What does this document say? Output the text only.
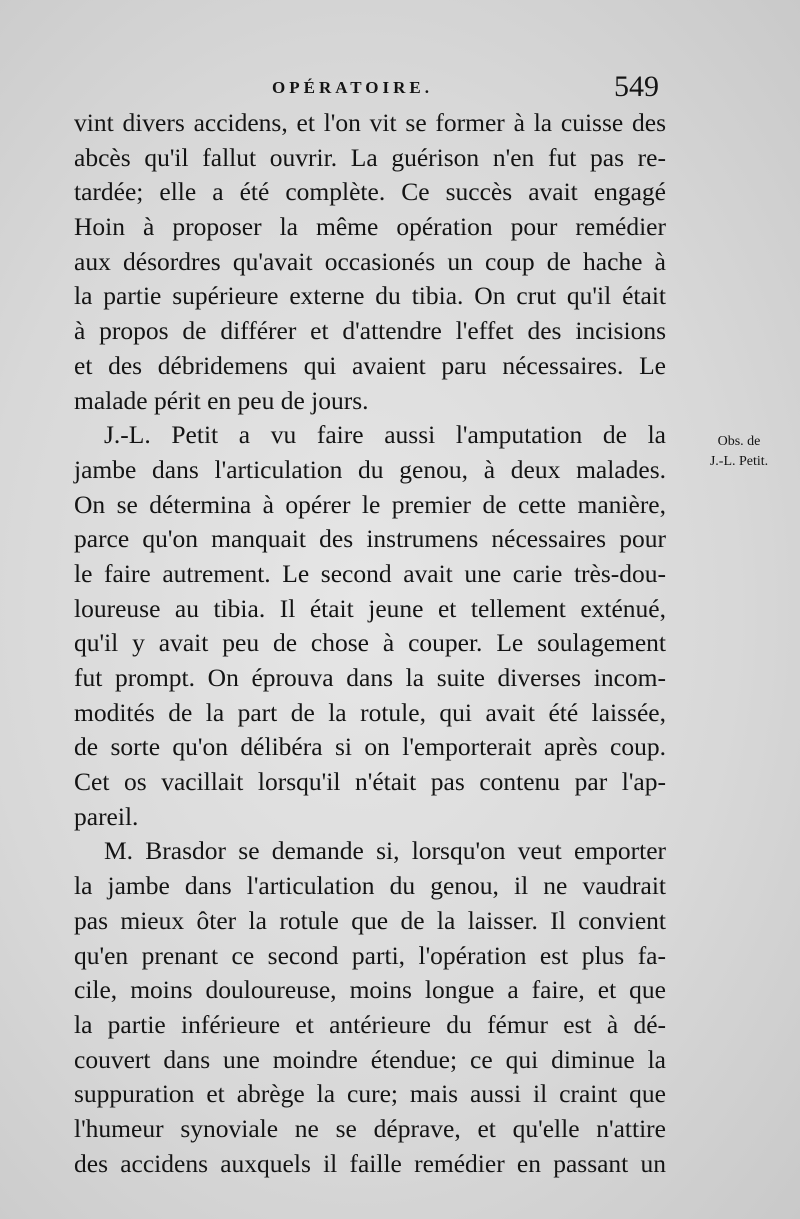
OPÉRATOIRE.	549
vint divers accidens, et l'on vit se former à la cuisse des
abcès qu'il fallut ouvrir. La guérison n'en fut pas re-
tardée; elle a été complète. Ce succès avait engagé
Hoin à proposer la même opération pour remédier
aux désordres qu'avait occasionés un coup de hache à
la partie supérieure externe du tibia. On crut qu'il était
à propos de différer et d'attendre l'effet des incisions
et des débridemens qui avaient paru nécessaires. Le
malade périt en peu de jours.
J.-L. Petit a vu faire aussi l'amputation de la
jambe dans l'articulation du genou, à deux malades.
On se détermina à opérer le premier de cette manière,
parce qu'on manquait des instrumens nécessaires pour
le faire autrement. Le second avait une carie très-dou-
loureuse au tibia. Il était jeune et tellement exténué,
qu'il y avait peu de chose à couper. Le soulagement
fut prompt. On éprouva dans la suite diverses incom-
modités de la part de la rotule, qui avait été laissée,
de sorte qu'on délibéra si on l'emporterait après coup.
Cet os vacillait lorsqu'il n'était pas contenu par l'ap-
pareil.
M. Brasdor se demande si, lorsqu'on veut emporter
la jambe dans l'articulation du genou, il ne vaudrait
pas mieux ôter la rotule que de la laisser. Il convient
qu'en prenant ce second parti, l'opération est plus fa-
cile, moins douloureuse, moins longue a faire, et que
la partie inférieure et antérieure du fémur est à dé-
couvert dans une moindre étendue; ce qui diminue la
suppuration et abrège la cure; mais aussi il craint que
l'humeur synoviale ne se déprave, et qu'elle n'attire
des accidens auxquels il faille remédier en passant un
Obs. de
J.-L. Petit.
